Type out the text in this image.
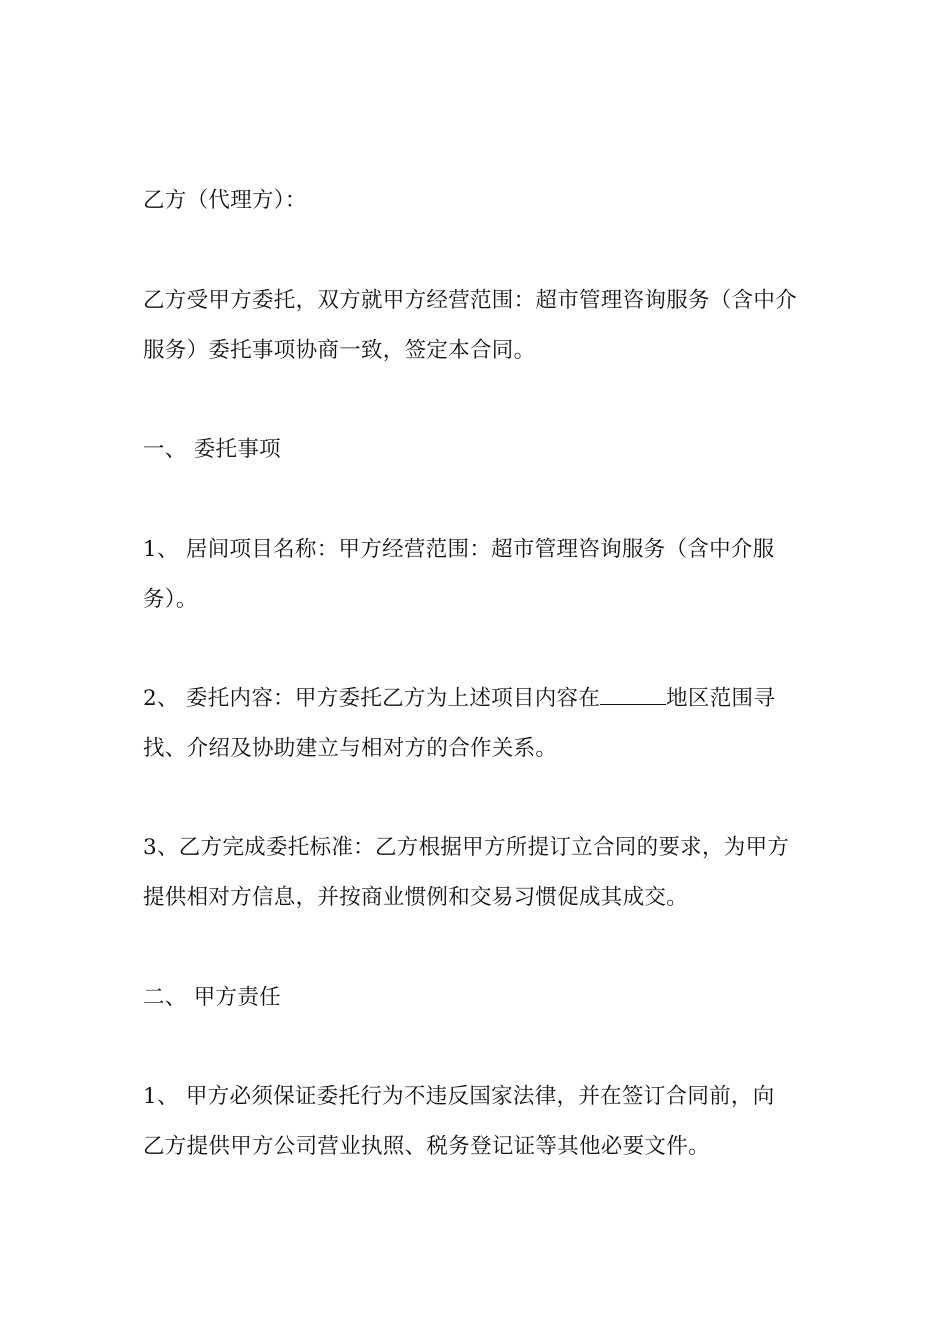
乙方（代理方）：
乙方受甲方委托，双方就甲方经营范围：超市管理咨询服务（含中介
服务）委托事项协商一致，签定本合同。
一、 委托事项
1、 居间项目名称：甲方经营范围：超市管理咨询服务（含中介服
务）。
2、 委托内容：甲方委托乙方为上述项目内容在	地区范围寻
找、介绍及协助建立与相对方的合作关系。
3、乙方完成委托标准：乙方根据甲方所提订立合同的要求，为甲方
提供相对方信息，并按商业惯例和交易习惯促成其成交。
二、 甲方责任
1、 甲方必须保证委托行为不违反国家法律，并在签订合同前，向
乙方提供甲方公司营业执照、税务登记证等其他必要文件。
